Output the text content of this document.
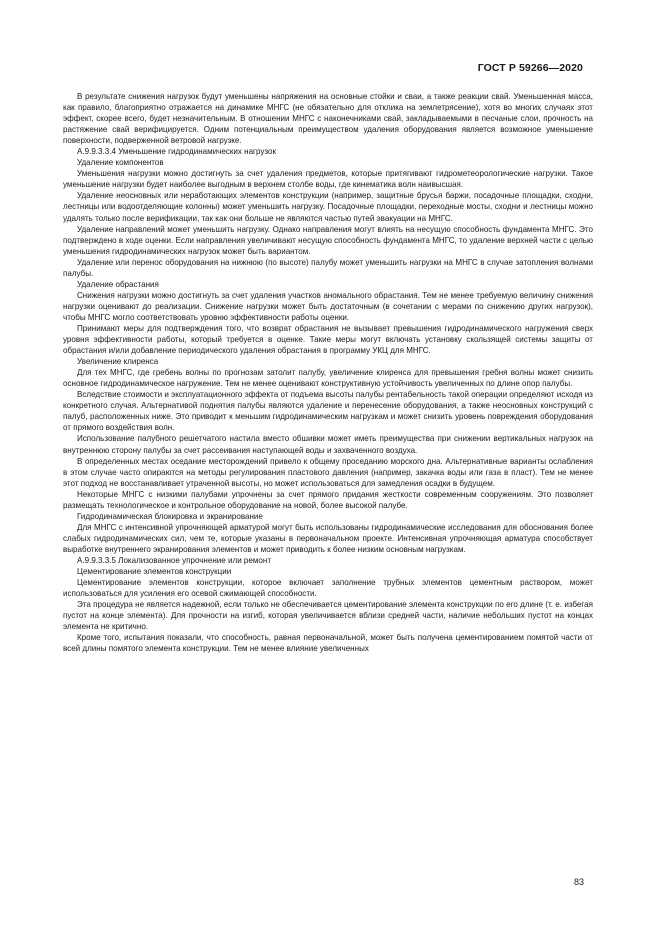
ГОСТ Р 59266—2020

В результате снижения нагрузок будут уменьшены напряжения на основные стойки и сваи, а также реакции свай. Уменьшенная масса, как правило, благоприятно отражается на динамике МНГС (не обязательно для отклика на землетрясение), хотя во многих случаях этот эффект, скорее всего, будет незначительным. В отношении МНГС с наконечниками свай, закладываемыми в песчаные слои, прочность на растяжение свай верифицируется. Одним потенциальным преимуществом удаления оборудования является возможное уменьшение поверхности, подверженной ветровой нагрузке.

А.9.9.3.3.4 Уменьшение гидродинамических нагрузок

Удаление компонентов

Уменьшения нагрузки можно достигнуть за счет удаления предметов, которые притягивают гидрометеорологические нагрузки. Такое уменьшение нагрузки будет наиболее выгодным в верхнем столбе воды, где кинематика волн наивысшая.

Удаление неосновных или неработающих элементов конструкции (например, защитные брусья баржи, посадочные площадки, сходни, лестницы или водоотделяющие колонны) может уменьшить нагрузку. Посадочные площадки, переходные мосты, сходни и лестницы можно удалять только после верификации, так как они больше не являются частью путей эвакуации на МНГС.

Удаление направлений может уменьшить нагрузку. Однако направления могут влиять на несущую способность фундамента МНГС. Это подтверждено в ходе оценки. Если направления увеличивают несущую способность фундамента МНГС, то удаление верхней части с целью уменьшения гидродинамических нагрузок может быть вариантом.

Удаление или перенос оборудования на нижнюю (по высоте) палубу может уменьшить нагрузки на МНГС в случае затопления волнами палубы.

Удаление обрастания

Снижения нагрузки можно достигнуть за счет удаления участков аномального обрастания. Тем не менее требуемую величину снижения нагрузки оценивают до реализации. Снижение нагрузки может быть достаточным (в сочетании с мерами по снижению других нагрузок), чтобы МНГС могло соответствовать уровню эффективности работы оценки.

Принимают меры для подтверждения того, что возврат обрастания не вызывает превышения гидродинамического нагружения сверх уровня эффективности работы, который требуется в оценке. Такие меры могут включать установку скользящей системы защиты от обрастания и/или добавление периодического удаления обрастания в программу УКЦ для МНГС.

Увеличение клиренса

Для тех МНГС, где гребень волны по прогнозам затолит палубу, увеличение клиренса для превышения гребня волны может снизить основное гидродинамическое нагружение. Тем не менее оценивают конструктивную устойчивость увеличенных по длине опор палубы.

Вследствие стоимости и эксплуатационного эффекта от подъема высоты палубы рентабельность такой операции определяют исходя из конкретного случая. Альтернативой поднятия палубы являются удаление и перенесение оборудования, а также неосновных конструкций с палуб, расположенных ниже. Это приводит к меньшим гидродинамическим нагрузкам и может снизить уровень повреждения оборудования от прямого воздействия волн.

Использование палубного решетчатого настила вместо обшивки может иметь преимущества при снижении вертикальных нагрузок на внутреннюю сторону палубы за счет рассеивания наступающей воды и захваченного воздуха.

В определенных местах оседание месторождений привело к общему проседанию морского дна. Альтернативные варианты ослабления в этом случае часто опираются на методы регулирования пластового давления (например, закачка воды или газа в пласт). Тем не менее этот подход не восстанавливает утраченной высоты, но может использоваться для замедления осадки в будущем.

Некоторые МНГС с низкими палубами упрочнены за счет прямого придания жесткости современным сооружениям. Это позволяет размещать технологическое и контрольное оборудование на новой, более высокой палубе.

Гидродинамическая блокировка и экранирование

Для МНГС с интенсивной упрочняющей арматурой могут быть использованы гидродинамические исследования для обоснования более слабых гидродинамических сил, чем те, которые указаны в первоначальном проекте. Интенсивная упрочняющая арматура способствует выработке внутреннего экранирования элементов и может приводить к более низким основным нагрузкам.

А.9.9.3.3.5 Локализованное упрочнение или ремонт

Цементирование элементов конструкции

Цементирование элементов конструкции, которое включает заполнение трубных элементов цементным раствором, может использоваться для усиления его осевой сжимающей способности.

Эта процедура не является надежной, если только не обеспечивается цементирование элемента конструкции по его длине (т. е. избегая пустот на конце элемента). Для прочности на изгиб, которая увеличивается вблизи средней части, наличие небольших пустот на концах элемента не критично.

Кроме того, испытания показали, что способность, равная первоначальной, может быть получена цементированием помятой части от всей длины помятого элемента конструкции. Тем не менее влияние увеличенных

83
